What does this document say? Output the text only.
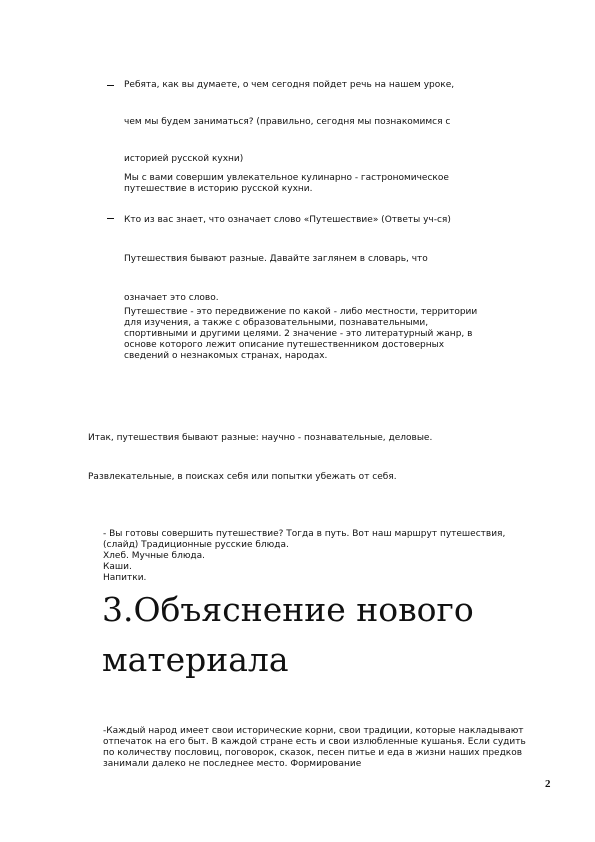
Ребята, как вы думаете, о чем сегодня пойдет речь на нашем уроке,
чем мы будем заниматься? (правильно, сегодня мы познакомимся с
историей русской кухни)
Мы с вами совершим увлекательное кулинарно - гастрономическое путешествие в историю русской кухни.
Кто из вас знает, что означает слово «Путешествие» (Ответы уч-ся)
Путешествия бывают разные. Давайте заглянем в словарь, что
означает это слово.
Путешествие - это передвижение по какой - либо местности, территории для изучения, а также с образовательными, познавательными, спортивными и другими целями. 2 значение - это литературный жанр, в основе которого лежит описание путешественником достоверных сведений о незнакомых странах, народах.
Итак, путешествия бывают разные: научно - познавательные, деловые.
Развлекательные, в поисках себя или попытки убежать от себя.
- Вы готовы совершить путешествие? Тогда в путь. Вот наш маршрут путешествия, (слайд) Традиционные русские блюда.
Хлеб. Мучные блюда.
Каши.
Напитки.
3.Объяснение нового
материала
-Каждый народ имеет свои исторические корни, свои традиции, которые накладывают отпечаток на его быт. В каждой стране есть и свои излюбленные кушанья. Если судить по количеству пословиц, поговорок, сказок, песен питье и еда в жизни наших предков занимали далеко не последнее место. Формирование
2
